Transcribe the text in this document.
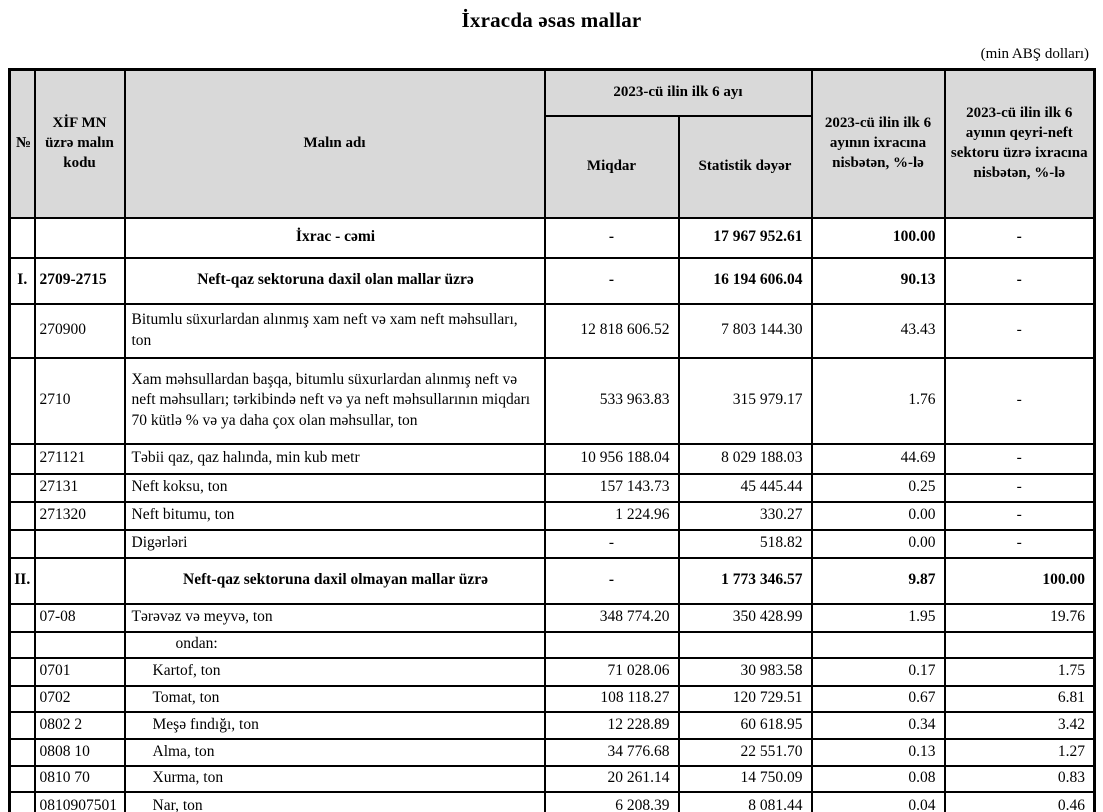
İxracda əsas mallar
(min ABŞ dolları)
№	XİF MN üzrə malın kodu	Malın adı	2023-cü ilin ilk 6 ayı		2023-cü ilin ilk 6 ayının ixracına nisbətən, %-lə	2023-cü ilin ilk 6 ayının qeyri-neft sektoru üzrə ixracına nisbətən, %-lə
			Miqdar	Statistik dəyər		
		İxrac - cəmi	-	17 967 952.61	100.00	-
I.	2709-2715	Neft-qaz sektoruna daxil olan mallar üzrə	-	16 194 606.04	90.13	-
	270900	Bitumlu süxurlardan alınmış xam neft və xam neft məhsulları, ton	12 818 606.52	7 803 144.30	43.43	-
	2710	Xam məhsullardan başqa, bitumlu süxurlardan alınmış neft və neft məhsulları; tərkibində neft və ya neft məhsullarının miqdarı 70 kütlə % və ya daha çox olan məhsullar, ton	533 963.83	315 979.17	1.76	-
	271121	Təbii qaz, qaz halında, min kub metr	10 956 188.04	8 029 188.03	44.69	-
	27131	Neft koksu, ton	157 143.73	45 445.44	0.25	-
	271320	Neft bitumu, ton	1 224.96	330.27	0.00	-
		Digərləri	-	518.82	0.00	-
II.		Neft-qaz sektoruna daxil olmayan mallar üzrə	-	1 773 346.57	9.87	100.00
	07-08	Tərəvəz və meyvə, ton	348 774.20	350 428.99	1.95	19.76
		ondan:				
	0701	Kartof, ton	71 028.06	30 983.58	0.17	1.75
	0702	Tomat, ton	108 118.27	120 729.51	0.67	6.81
	0802 2	Meşə fındığı, ton	12 228.89	60 618.95	0.34	3.42
	0808 10	Alma, ton	34 776.68	22 551.70	0.13	1.27
	0810 70	Xurma, ton	20 261.14	14 750.09	0.08	0.83
	0810907501	Nar, ton	6 208.39	8 081.44	0.04	0.46
